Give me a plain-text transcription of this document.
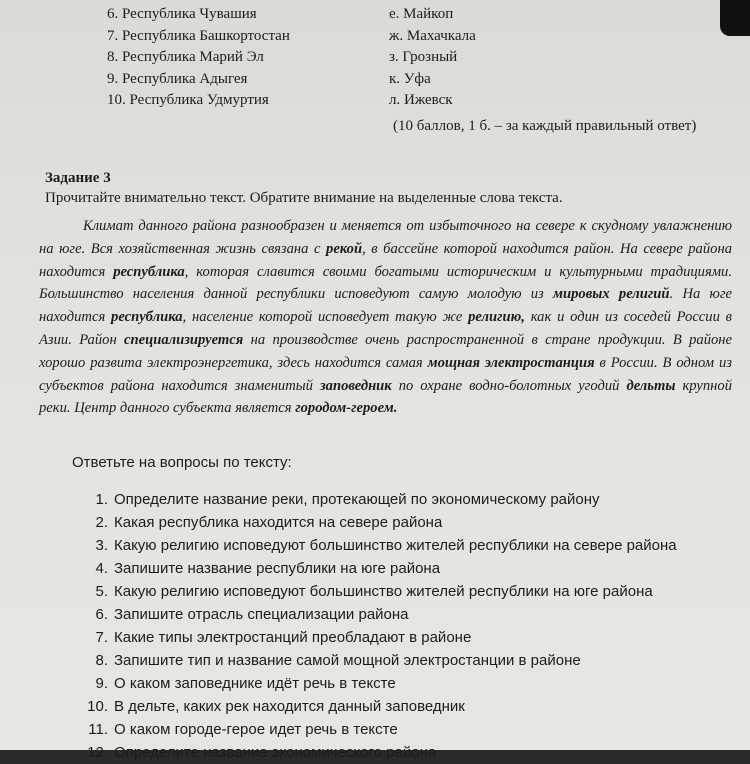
6. Республика Чувашия
7. Республика Башкортостан
8. Республика Марий Эл
9. Республика Адыгея
10. Республика Удмуртия
е. Майкоп
ж. Махачкала
з. Грозный
к. Уфа
л. Ижевск
(10 баллов, 1 б. – за каждый правильный ответ)
Задание 3
Прочитайте внимательно текст. Обратите внимание на выделенные слова текста.
Климат данного района разнообразен и меняется от избыточного на севере к скудному увлажнению на юге. Вся хозяйственная жизнь связана с рекой, в бассейне которой находится район. На севере района находится республика, которая славится своими богатыми историческим и культурными традициями. Большинство населения данной республики исповедуют самую молодую из мировых религий. На юге находится республика, население которой исповедует такую же религию, как и один из соседей России в Азии. Район специализируется на производстве очень распространенной в стране продукции. В районе хорошо развита электроэнергетика, здесь находится самая мощная электростанция в России. В одном из субъектов района находится знаменитый заповедник по охране водно-болотных угодий дельты крупной реки. Центр данного субъекта является городом-героем.
Ответьте на вопросы по тексту:
1. Определите название реки, протекающей по экономическому району
2. Какая республика находится на севере района
3. Какую религию исповедуют большинство жителей республики на севере района
4. Запишите название республики на юге района
5. Какую религию исповедуют большинство жителей республики на юге района
6. Запишите отрасль специализации района
7. Какие типы электростанций преобладают в районе
8. Запишите тип и название самой мощной электростанции в районе
9. О каком заповеднике идёт речь в тексте
10. В дельте, каких рек находится данный заповедник
11. О каком городе-герое идет речь в тексте
12. Определите название экономического района
